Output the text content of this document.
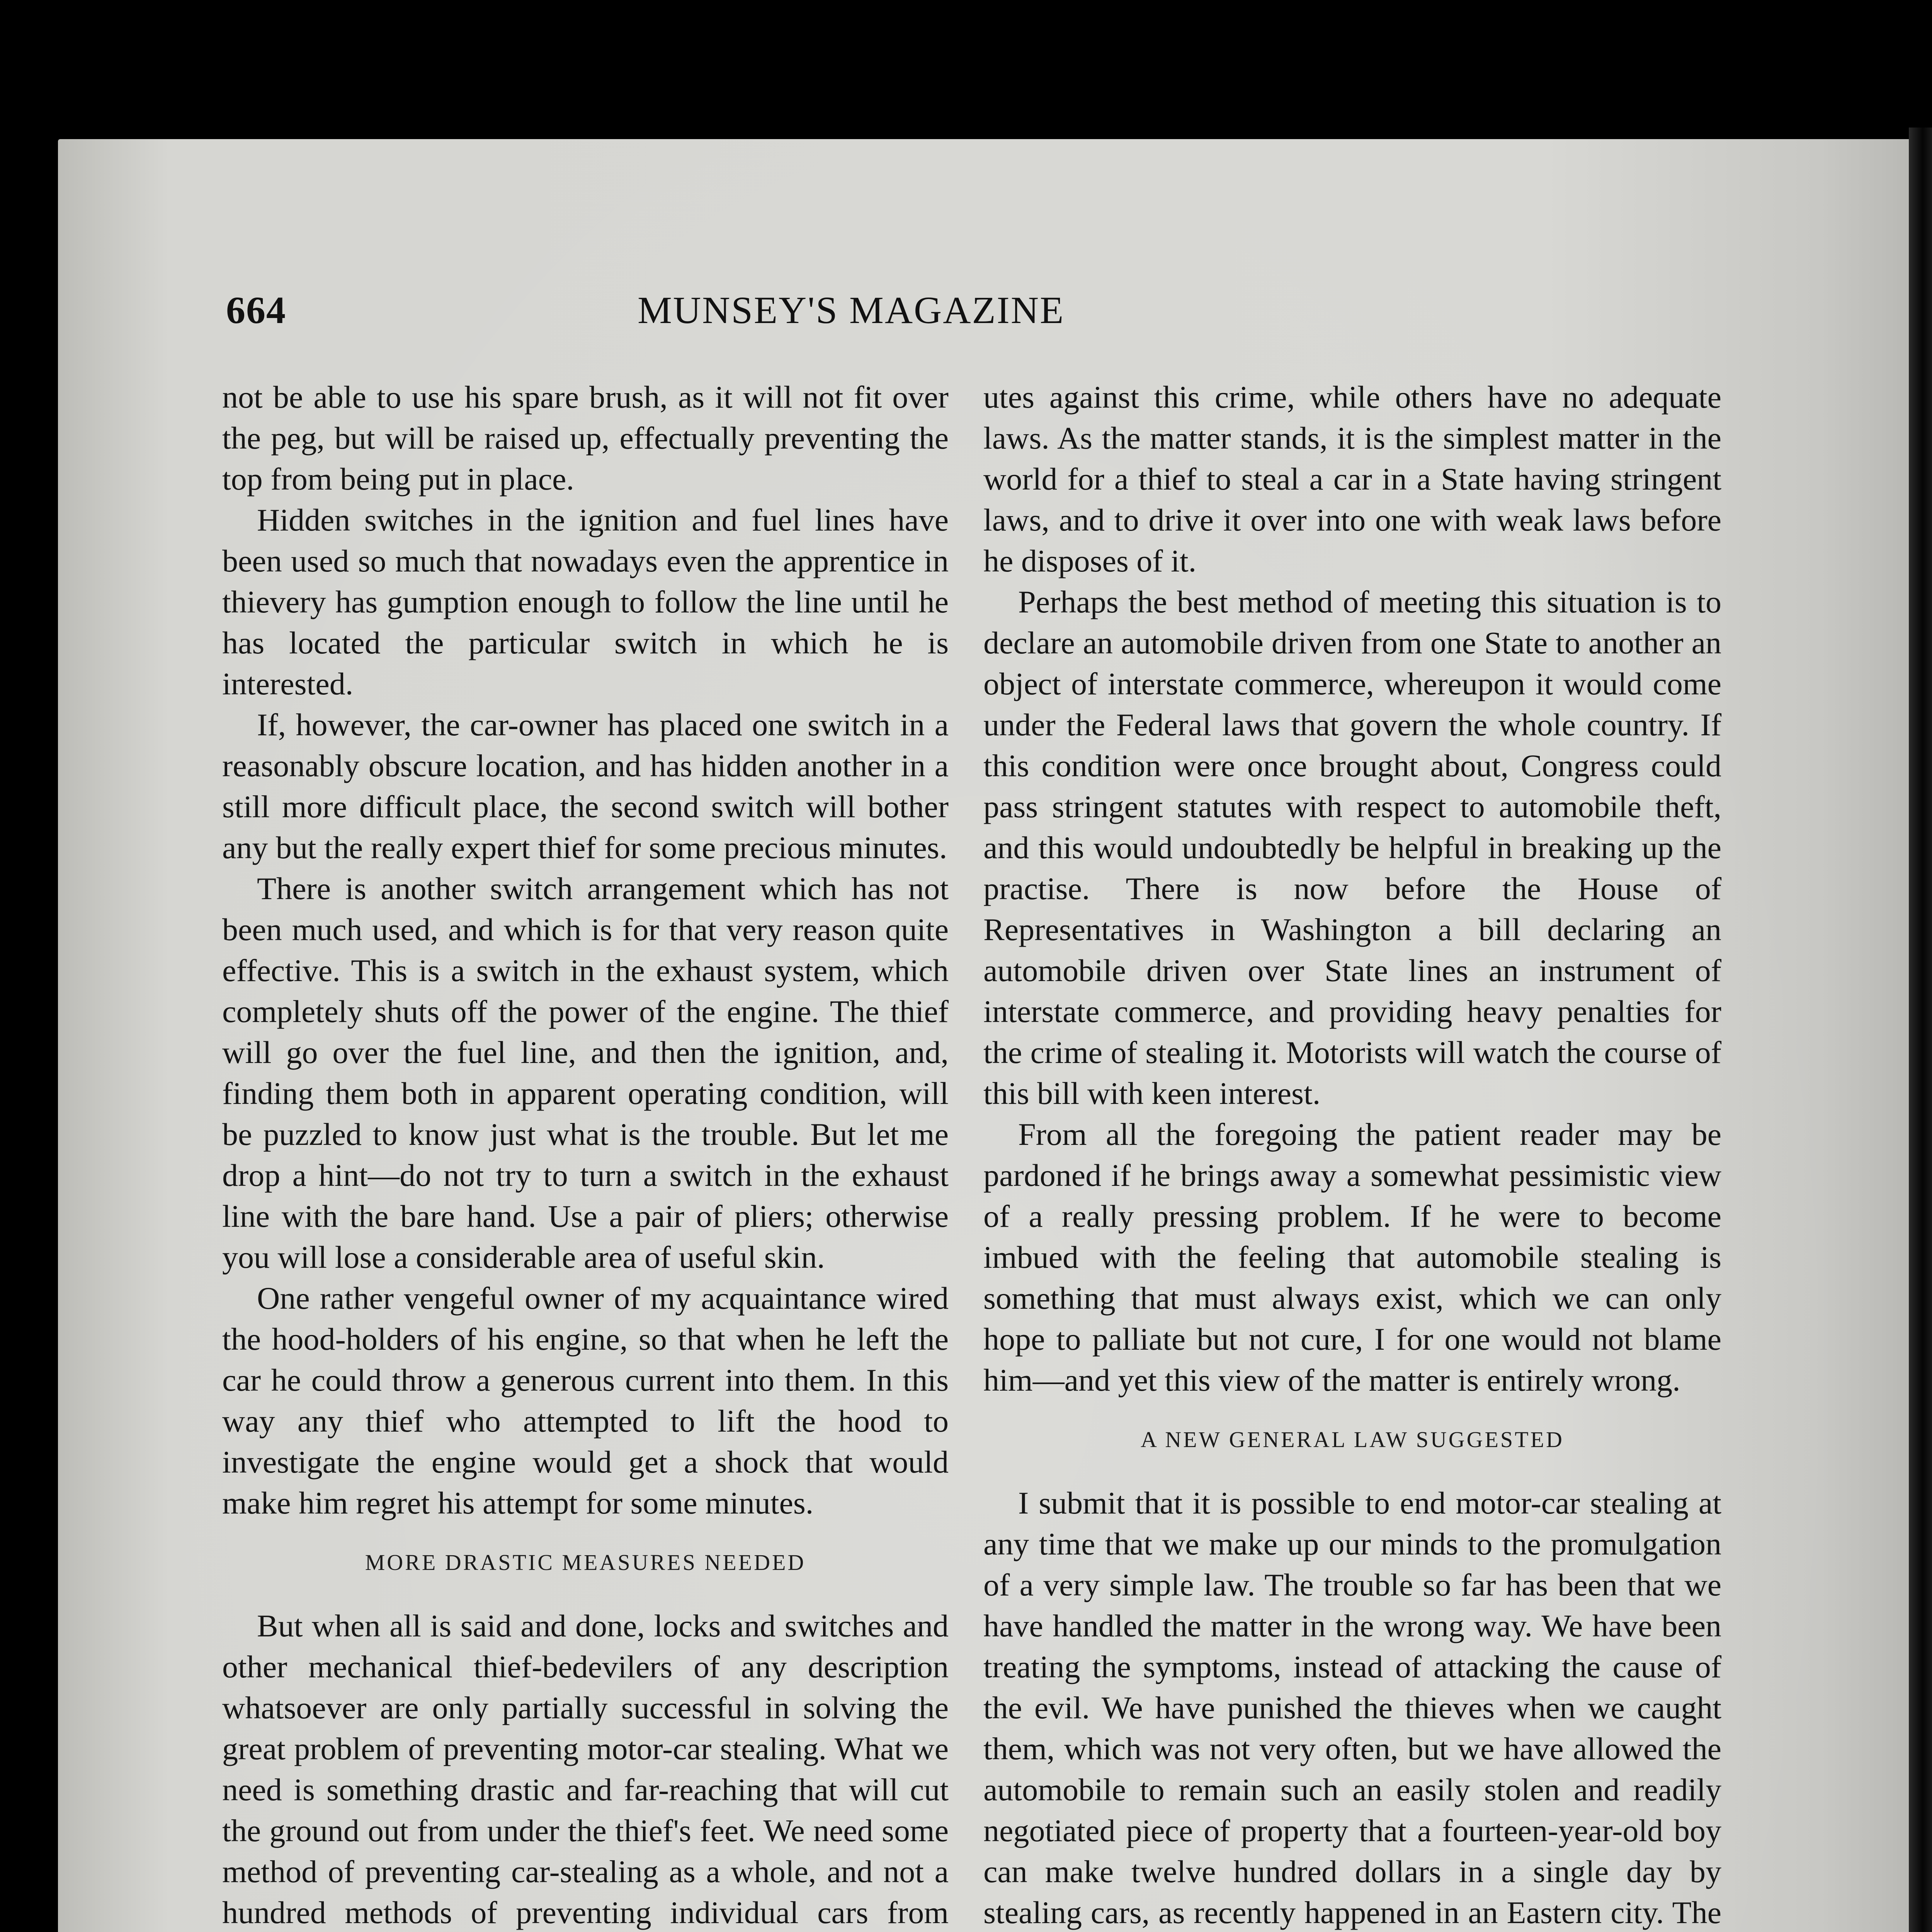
664	MUNSEY'S MAGAZINE

not be able to use his spare brush, as it will not fit over the peg, but will be raised up, effectually preventing the top from being put in place.

Hidden switches in the ignition and fuel lines have been used so much that nowadays even the apprentice in thievery has gumption enough to follow the line until he has located the particular switch in which he is interested.

If, however, the car-owner has placed one switch in a reasonably obscure location, and has hidden another in a still more difficult place, the second switch will bother any but the really expert thief for some precious minutes.

There is another switch arrangement which has not been much used, and which is for that very reason quite effective. This is a switch in the exhaust system, which completely shuts off the power of the engine. The thief will go over the fuel line, and then the ignition, and, finding them both in apparent operating condition, will be puzzled to know just what is the trouble. But let me drop a hint—do not try to turn a switch in the exhaust line with the bare hand. Use a pair of pliers; otherwise you will lose a considerable area of useful skin.

One rather vengeful owner of my acquaintance wired the hood-holders of his engine, so that when he left the car he could throw a generous current into them. In this way any thief who attempted to lift the hood to investigate the engine would get a shock that would make him regret his attempt for some minutes.

MORE DRASTIC MEASURES NEEDED

But when all is said and done, locks and switches and other mechanical thief-bedevilers of any description whatsoever are only partially successful in solving the great problem of preventing motor-car stealing. What we need is something drastic and far-reaching that will cut the ground out from under the thief's feet. We need some method of preventing car-stealing as a whole, and not a hundred methods of preventing individual cars from

utes against this crime, while others have no adequate laws. As the matter stands, it is the simplest matter in the world for a thief to steal a car in a State having stringent laws, and to drive it over into one with weak laws before he disposes of it.

Perhaps the best method of meeting this situation is to declare an automobile driven from one State to another an object of interstate commerce, whereupon it would come under the Federal laws that govern the whole country. If this condition were once brought about, Congress could pass stringent statutes with respect to automobile theft, and this would undoubtedly be helpful in breaking up the practise. There is now before the House of Representatives in Washington a bill declaring an automobile driven over State lines an instrument of interstate commerce, and providing heavy penalties for the crime of stealing it. Motorists will watch the course of this bill with keen interest.

From all the foregoing the patient reader may be pardoned if he brings away a somewhat pessimistic view of a really pressing problem. If he were to become imbued with the feeling that automobile stealing is something that must always exist, which we can only hope to palliate but not cure, I for one would not blame him—and yet this view of the matter is entirely wrong.

A NEW GENERAL LAW SUGGESTED

I submit that it is possible to end motor-car stealing at any time that we make up our minds to the promulgation of a very simple law. The trouble so far has been that we have handled the matter in the wrong way. We have been treating the symptoms, instead of attacking the cause of the evil. We have punished the thieves when we caught them, which was not very often, but we have allowed the automobile to remain such an easily stolen and readily negotiated piece of property that a fourteen-year-old boy can make twelve hundred dollars in a single day by stealing cars, as recently happened in an Eastern city. The
